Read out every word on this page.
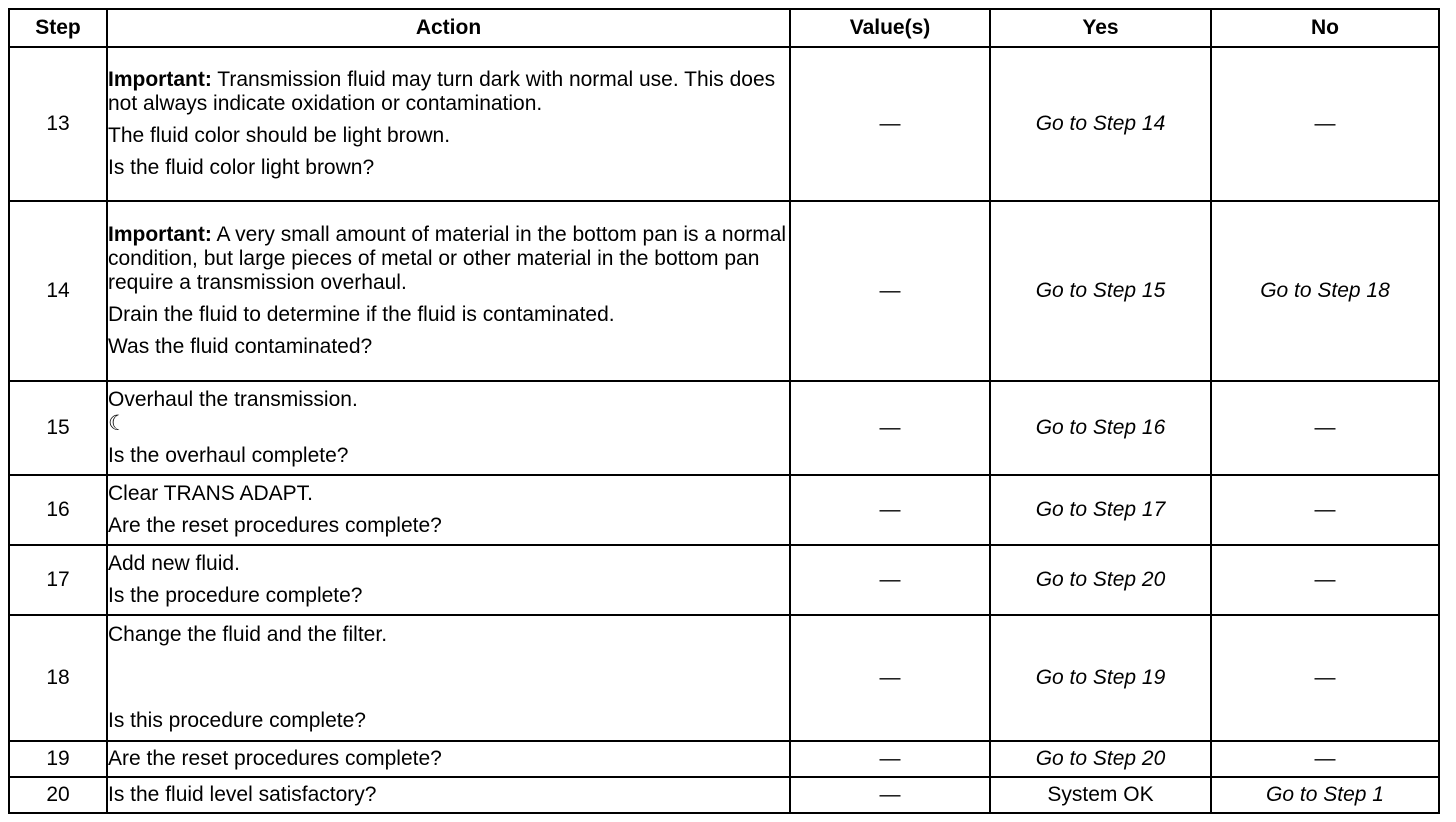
Step	Action	Value(s)	Yes	No
13	Important: Transmission fluid may turn dark with normal use. This does not always indicate oxidation or contamination.

The fluid color should be light brown.

Is the fluid color light brown?	—	Go to Step 14	—
14	Important: A very small amount of material in the bottom pan is a normal condition, but large pieces of metal or other material in the bottom pan require a transmission overhaul.

Drain the fluid to determine if the fluid is contaminated.

Was the fluid contaminated?	—	Go to Step 15	Go to Step 18
15	Overhaul the transmission.

☾

Is the overhaul complete?	—	Go to Step 16	—
16	Clear TRANS ADAPT.

Are the reset procedures complete?	—	Go to Step 17	—
17	Add new fluid.

Is the procedure complete?	—	Go to Step 20	—
18	Change the fluid and the filter.

Is this procedure complete?	—	Go to Step 19	—
19	Are the reset procedures complete?	—	Go to Step 20	—
20	Is the fluid level satisfactory?	—	System OK	Go to Step 1
